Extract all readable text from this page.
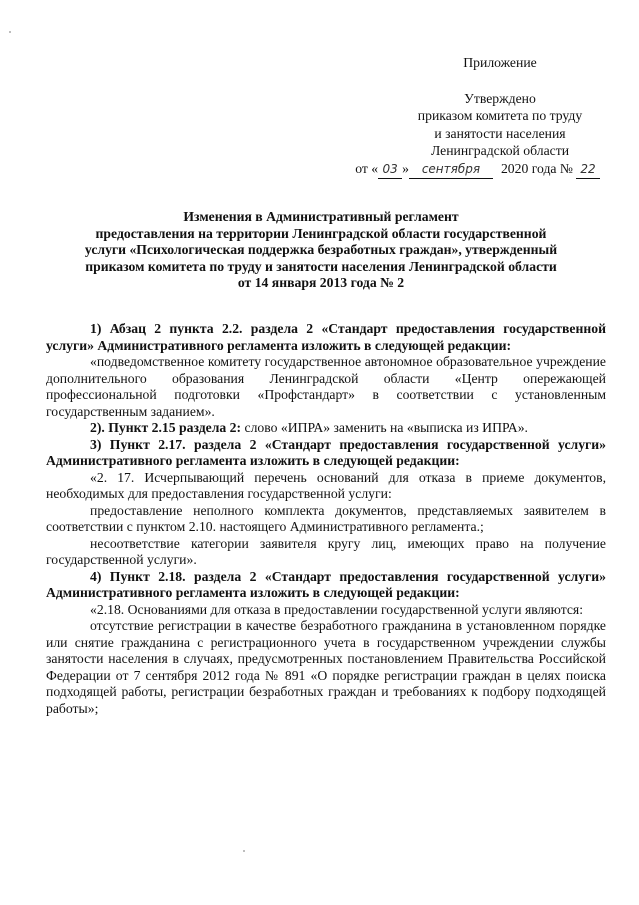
Приложение
Утверждено
приказом комитета по труду
и занятости населения
Ленинградской области
от « 03 » сентября 2020 года № 22
Изменения в Административный регламент
предоставления на территории Ленинградской области государственной
услуги «Психологическая поддержка безработных граждан», утвержденный
приказом комитета по труду и занятости населения Ленинградской области
от 14 января 2013 года № 2

1) Абзац 2 пункта 2.2. раздела 2 «Стандарт предоставления государственной услуги» Административного регламента изложить в следующей редакции:

«подведомственное комитету государственное автономное образовательное учреждение дополнительного образования Ленинградской области «Центр опережающей профессиональной подготовки «Профстандарт» в соответствии с установленным государственным заданием».

2). Пункт 2.15 раздела 2: слово «ИПРА» заменить на «выписка из ИПРА».

3) Пункт 2.17. раздела 2 «Стандарт предоставления государственной услуги» Административного регламента изложить в следующей редакции:

«2. 17. Исчерпывающий перечень оснований для отказа в приеме документов, необходимых для предоставления государственной услуги:

предоставление неполного комплекта документов, представляемых заявителем в соответствии с пунктом 2.10. настоящего Административного регламента.;

несоответствие категории заявителя кругу лиц, имеющих право на получение государственной услуги».

4) Пункт 2.18. раздела 2 «Стандарт предоставления государственной услуги» Административного регламента изложить в следующей редакции:

«2.18. Основаниями для отказа в предоставлении государственной услуги являются:

отсутствие регистрации в качестве безработного гражданина в установленном порядке или снятие гражданина с регистрационного учета в государственном учреждении службы занятости населения в случаях, предусмотренных постановлением Правительства Российской Федерации от 7 сентября 2012 года № 891 «О порядке регистрации граждан в целях поиска подходящей работы, регистрации безработных граждан и требованиях к подбору подходящей работы»;
